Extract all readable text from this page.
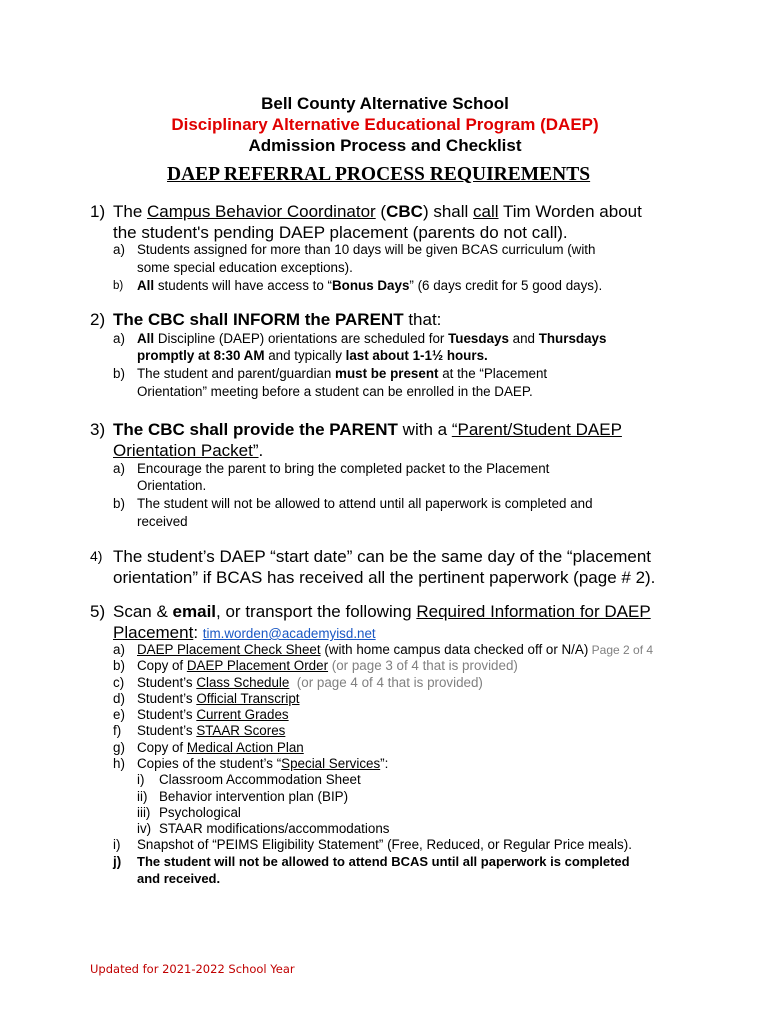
Bell County Alternative School
Disciplinary Alternative Educational Program (DAEP)
Admission Process and Checklist
DAEP REFERRAL PROCESS REQUIREMENTS
1) The Campus Behavior Coordinator (CBC) shall call Tim Worden about
the student's pending DAEP placement (parents do not call).
a) Students assigned for more than 10 days will be given BCAS curriculum (with
some special education exceptions).
b) All students will have access to “Bonus Days” (6 days credit for 5 good days).
2) The CBC shall INFORM the PARENT that:
a) All Discipline (DAEP) orientations are scheduled for Tuesdays and Thursdays
promptly at 8:30 AM and typically last about 1-1½ hours.
b) The student and parent/guardian must be present at the “Placement
Orientation” meeting before a student can be enrolled in the DAEP.
3) The CBC shall provide the PARENT with a “Parent/Student DAEP
Orientation Packet”.
a) Encourage the parent to bring the completed packet to the Placement
Orientation.
b) The student will not be allowed to attend until all paperwork is completed and
received
4) The student’s DAEP “start date” can be the same day of the “placement
orientation” if BCAS has received all the pertinent paperwork (page # 2).
5) Scan & email, or transport the following Required Information for DAEP
Placement: tim.worden@academyisd.net
a) DAEP Placement Check Sheet (with home campus data checked off or N/A) Page 2 of 4
b) Copy of DAEP Placement Order (or page 3 of 4 that is provided)
c) Student’s Class Schedule  (or page 4 of 4 that is provided)
d) Student’s Official Transcript
e) Student’s Current Grades
f) Student’s STAAR Scores
g) Copy of Medical Action Plan
h) Copies of the student’s “Special Services”:
i) Classroom Accommodation Sheet
ii) Behavior intervention plan (BIP)
iii) Psychological
iv) STAAR modifications/accommodations
i) Snapshot of “PEIMS Eligibility Statement” (Free, Reduced, or Regular Price meals).
j) The student will not be allowed to attend BCAS until all paperwork is completed
and received.
Updated for 2021-2022 School Year
